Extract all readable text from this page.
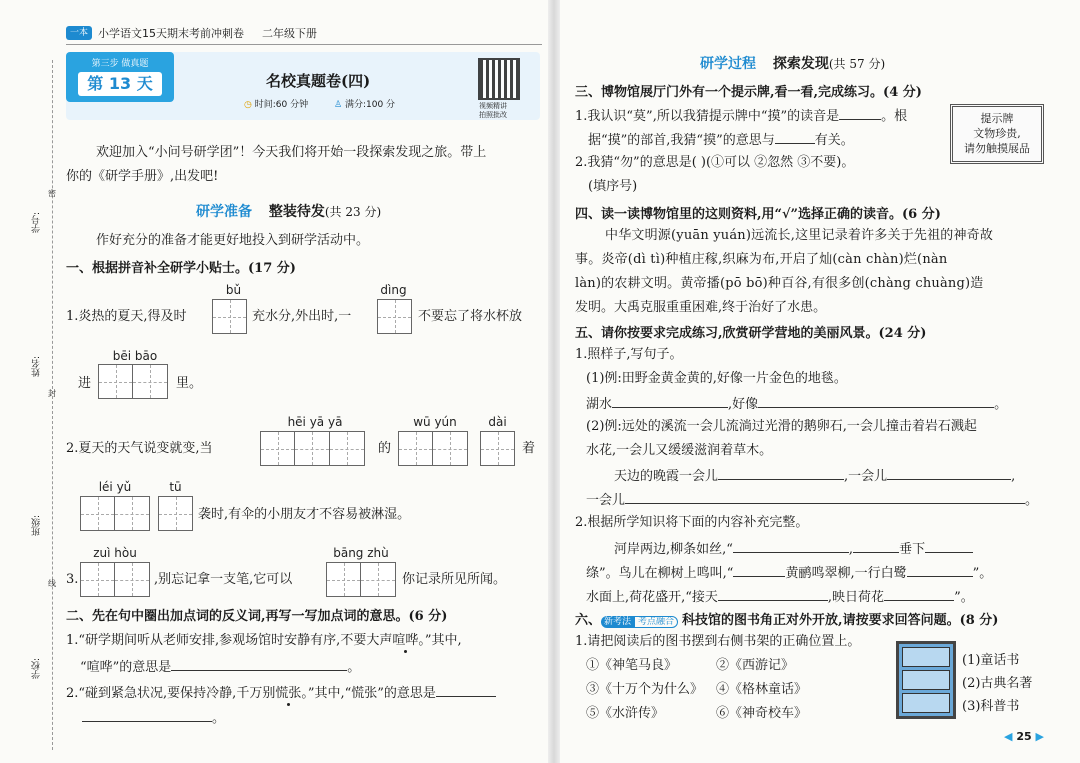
一本 小学语文15天期末考前冲刺卷 二年级下册
第三步 做真题
第 13 天	名校真题卷(四)
◷ 时间:60 分钟	♙ 满分:100 分	视频精讲
拍照批改
学校:
班级:
姓名:
学号:
线
封
密
欢迎加入“小问号研学团”！今天我们将开始一段探索发现之旅。带上
你的《研学手册》,出发吧!
研学准备 整装待发(共 23 分)
作好充分的准备才能更好地投入到研学活动中。
一、根据拼音补全研学小贴士。(17 分)
bǔ	dìng
1.炎热的夏天,得及时	充水分,外出时,一	不要忘了将水杯放
bēi bāo
进	里。
hēi yā yā	wū yún	dài
2.夏天的天气说变就变,当	的	着
léi yǔ	tū
袭时,有伞的小朋友才不容易被淋湿。
zuì hòu	bāng zhù
3.	,别忘记拿一支笔,它可以	你记录所见所闻。
二、先在句中圈出加点词的反义词,再写一写加点词的意思。(6 分)
1.“研学期间听从老师安排,参观场馆时安静有序,不要大声喧哗。”其中,
“喧哗”的意思是	。
2.“碰到紧急状况,要保持冷静,千万别慌张。”其中,“慌张”的意思是
。
研学过程 探索发现(共 57 分)
三、博物馆展厅门外有一个提示牌,看一看,完成练习。(4 分)
1.我认识“莫”,所以我猜提示牌中“摸”的读音是	。根
据“摸”的部首,我猜“摸”的意思与	有关。
2.我猜“勿”的意思是( )(①可以 ②忽然 ③不要)。
(填序号)
提示牌
文物珍贵,
请勿触摸展品
四、读一读博物馆里的这则资料,用“√”选择正确的读音。(6 分)
中华文明源(yuān yuán)远流长,这里记录着许多关于先祖的神奇故
事。炎帝(dì tì)种植庄稼,织麻为布,开启了灿(càn chàn)烂(nàn
làn)的农耕文明。黄帝播(pō bō)种百谷,有很多创(chàng chuàng)造
发明。大禹克服重重困难,终于治好了水患。
五、请你按要求完成练习,欣赏研学营地的美丽风景。(24 分)
1.照样子,写句子。
(1)例:田野金黄金黄的,好像一片金色的地毯。
湖水	,好像	。
(2)例:远处的溪流一会儿流淌过光滑的鹅卵石,一会儿撞击着岩石溅起
水花,一会儿又缓缓滋润着草木。
天边的晚霞一会儿	,一会儿	,
一会儿	。
2.根据所学知识将下面的内容补充完整。
河岸两边,柳条如丝,“	,	垂下
绦”。鸟儿在柳树上鸣叫,“	黄鹂鸣翠柳,一行白鹭	”。
水面上,荷花盛开,“接天	,映日荷花	”。
六、 新考法 考点融合 科技馆的图书角正对外开放,请按要求回答问题。(8 分)
1.请把阅读后的图书摆到右侧书架的正确位置上。
①《神笔马良》	②《西游记》
③《十万个为什么》 ④《格林童话》
⑤《水浒传》	⑥《神奇校车》
(1)童话书
(2)古典名著
(3)科普书
◀ 25 ▶
